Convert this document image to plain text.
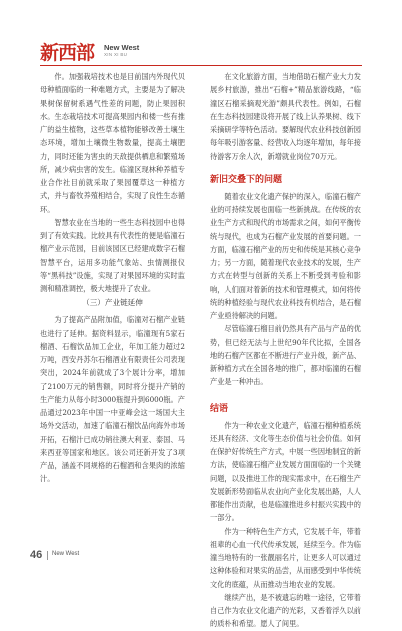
新西部 New West
XIN XI BU

作。加强栽培技术也是目前国内外现代贝母种植面临的一种难题方式，主要是为了解决果树保留树系遇气性差的问题，防止果园积水。生态栽培技术可提高果园内和楼一些有推广的益生植物，这些草本植物能够改善土壤生态环境，增加土壤微生物数量，提高土壤肥力，同时还能为害虫的天敌提供栖息和繁殖场所，减少病虫害的发生。临潼区现林种养植专业合作社目前就采取了果园覆草这一种植方式，并与畜牧养殖相结合，实现了良性生态循环。

智慧农业在当地的一些生态科技园中也得到了有效实践。比较具有代表性的便是临潼石榴产业示范园，目前该园区已经建成数字石榴智慧平台，运用多功能气象站、虫情测报仪等“黑科技”设施，实现了对果园环境的实时监测和精准调控，极大地提升了农业。

（三）产业链延伸

为了提高产品附加值，临潼对石榴产业链也进行了延伸。据资料显示，临潼现有5家石榴酒、石榴饮品加工企业，年加工能力超过2万吨，西安丹苏尔石榴酒业有限责任公司表现突出，2024年前就成了3个展计分率，增加了2100万元的销售额，同时将分提升产销的生产能力从每小时3000瓶提升到6000瓶。产品通过2023年中国一中亚峰会这一场国大主场外交活动，加速了临潼石榴饮品向海外市场开拓，石榴汁已成功销往澳大利亚、泰国、马来西亚等国家和地区。该公司还新开发了3项产品，涵盖不同规格的石榴酒和含果肉的浓缩汁。

在文化旅游方面，当地借助石榴产业大力发展乡村旅游，推出“石榴+”精品旅游线路，“临潼区石榴采摘观光游”颇具代表性。例如，石榴在生态科技园建设将开展了线上认养果树、线下采摘研学等特色活动。要解现代农业科技创新园每年吸引游客量、经营收入均逐年增加，每年接待游客万余人次，新增就业岗位70万元。

新旧交叠下的问题

随着农业文化遗产保护的深入，临潼石榴产业的可持续发展也面临一些新挑战。在传统的农业生产方式和现代的市场需求之间，如何平衡传统与现代，也成为石榴产业发展的首要问题。一方面，临潼石榴产业的历史和传统是其核心竞争力；另一方面，随着现代农业技术的发展，生产方式在转型与创新的关系上不断受到考验和影响，人们面对着新的技术和管理模式，如何将传统的种植经验与现代农业科技有机结合，是石榴产业亟待解决的问题。

尽管临潼石榴目前仍然具有产品与产品的优势，但已经无法与上世纪90年代比拟，全国各地的石榴产区都在不断进行产业升级，新产品、新种植方式在全国各地的推广，都对临潼的石榴产业是一种冲击。

结语

作为一种农业文化遗产，临潼石榴种植系统还具有经济、文化等生态价值与社会价值。如何在保护好传统生产方式，中展一些因地制宜的新方法，使临潼石榴产业发展方面面临的一个关键问题，以及推进工作的现实需求中，在石榴生产发展新形势面临从农业向产业化发展出路，人人都能作出贡献，也是临潼推进乡村振兴实践中的一部分。

作为一种特色生产方式，它发展千年，带着祖辈的心血一代代传承发展，延续至今。作为临潼当地特有的一张靓丽名片，让更多人可以通过这种体验和对果实的品尝，从而感受到中华传统文化的底蕴，从而推动当地农业的发展。

继续产出，是不被遗忘的唯一途径，它带着自己作为农业文化遗产的光彩，又香着浮久以前的质朴和希望。愿人了间里。

46 New West
